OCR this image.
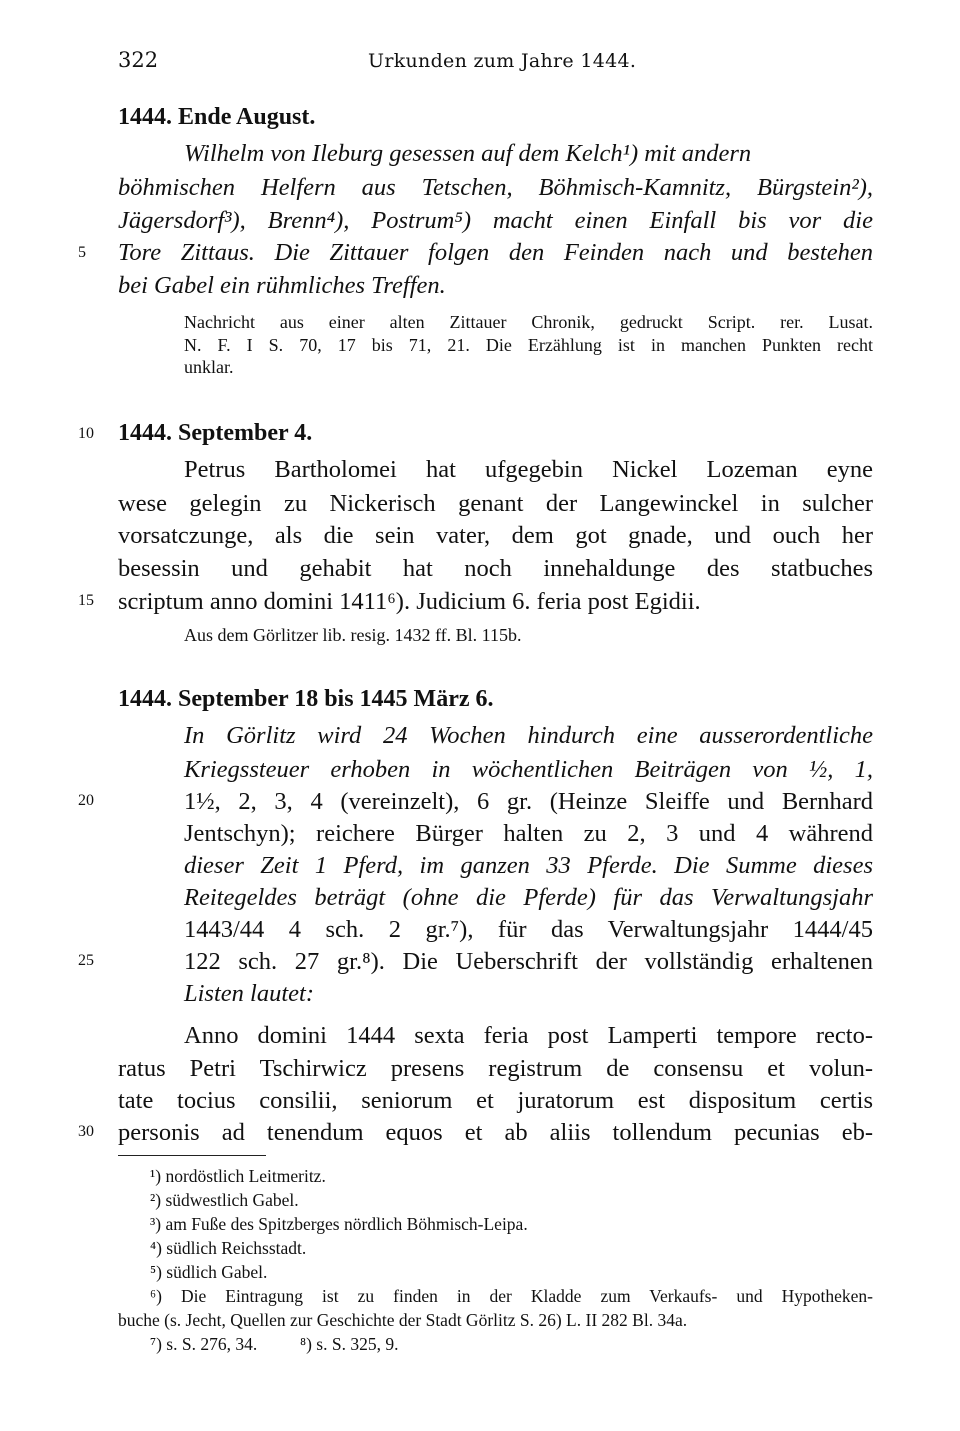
322	Urkunden zum Jahre 1444.
1444. Ende August.
Wilhelm von Ileburg gesessen auf dem Kelch¹) mit andern
böhmischen Helfern aus Tetschen, Böhmisch-Kamnitz, Bürgstein²),
Jägersdorf³), Brenn⁴), Postrum⁵) macht einen Einfall bis vor die
Tore Zittaus. Die Zittauer folgen den Feinden nach und bestehen
bei Gabel ein rühmliches Treffen.
Nachricht aus einer alten Zittauer Chronik, gedruckt Script. rer. Lusat.
N. F. I S. 70, 17 bis 71, 21. Die Erzählung ist in manchen Punkten recht
unklar.
1444. September 4.
Petrus Bartholomei hat ufgegebin Nickel Lozeman eyne
wese gelegin zu Nickerisch genant der Langewinckel in sulcher
vorsatczunge, als die sein vater, dem got gnade, und ouch her
besessin und gehabit hat noch innehaldunge des statbuches
scriptum anno domini 1411⁶). Judicium 6. feria post Egidii.
Aus dem Görlitzer lib. resig. 1432 ff. Bl. 115b.
1444. September 18 bis 1445 März 6.
In Görlitz wird 24 Wochen hindurch eine ausserordentliche
Kriegssteuer erhoben in wöchentlichen Beiträgen von ½, 1,
1½, 2, 3, 4 (vereinzelt), 6 gr. (Heinze Sleiffe und Bernhard
Jentschyn); reichere Bürger halten zu 2, 3 und 4 während
dieser Zeit 1 Pferd, im ganzen 33 Pferde. Die Summe dieses
Reitegeldes beträgt (ohne die Pferde) für das Verwaltungsjahr
1443/44 4 sch. 2 gr.⁷), für das Verwaltungsjahr 1444/45
122 sch. 27 gr.⁸). Die Ueberschrift der vollständig erhaltenen
Listen lautet:
Anno domini 1444 sexta feria post Lamperti tempore recto-
ratus Petri Tschirwicz presens registrum de consensu et volun-
tate tocius consilii, seniorum et juratorum est dispositum certis
personis ad tenendum equos et ab aliis tollendum pecunias eb-
5
10
15
20
25
30
¹) nordöstlich Leitmeritz.
²) südwestlich Gabel.
³) am Fuße des Spitzberges nördlich Böhmisch-Leipa.
⁴) südlich Reichsstadt.
⁵) südlich Gabel.
⁶) Die Eintragung ist zu finden in der Kladde zum Verkaufs- und Hypotheken-
buche (s. Jecht, Quellen zur Geschichte der Stadt Görlitz S. 26) L. II 282 Bl. 34a.
⁷) s. S. 276, 34. ⁸) s. S. 325, 9.
